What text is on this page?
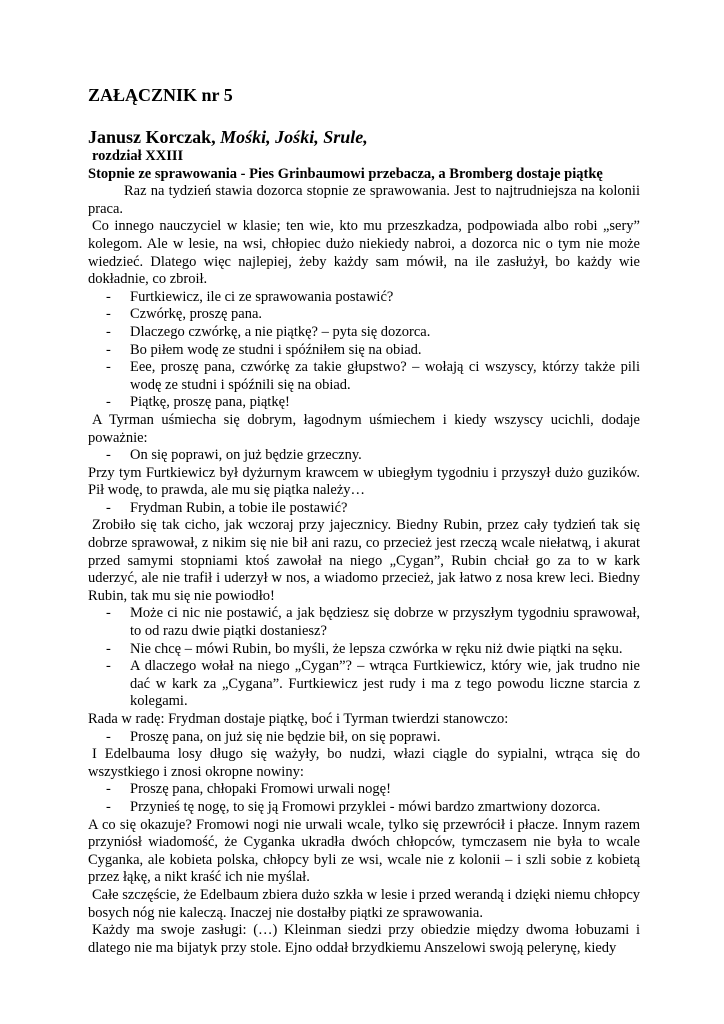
ZAŁĄCZNIK nr 5
Janusz Korczak, Mośki, Jośki, Srule,
rozdział XXIII
Stopnie ze sprawowania - Pies Grinbaumowi przebacza, a Bromberg dostaje piątkę

Raz na tydzień stawia dozorca stopnie ze sprawowania. Jest to najtrudniejsza na kolonii praca.

Co innego nauczyciel w klasie; ten wie, kto mu przeszkadza, podpowiada albo robi „sery” kolegom. Ale w lesie, na wsi, chłopiec dużo niekiedy nabroi, a dozorca nic o tym nie może wiedzieć. Dlatego więc najlepiej, żeby każdy sam mówił, na ile zasłużył, bo każdy wie dokładnie, co zbroił.

- Furtkiewicz, ile ci ze sprawowania postawić?
- Czwórkę, proszę pana.
- Dlaczego czwórkę, a nie piątkę? – pyta się dozorca.
- Bo piłem wodę ze studni i spóźniłem się na obiad.
- Eee, proszę pana, czwórkę za takie głupstwo? – wołają ci wszyscy, którzy także pili wodę ze studni i spóźnili się na obiad.
- Piątkę, proszę pana, piątkę!

A Tyrman uśmiecha się dobrym, łagodnym uśmiechem i kiedy wszyscy ucichli, dodaje poważnie:

- On się poprawi, on już będzie grzeczny.

Przy tym Furtkiewicz był dyżurnym krawcem w ubiegłym tygodniu i przyszył dużo guzików. Pił wodę, to prawda, ale mu się piątka należy…

- Frydman Rubin, a tobie ile postawić?

Zrobiło się tak cicho, jak wczoraj przy jajecznicy. Biedny Rubin, przez cały tydzień tak się dobrze sprawował, z nikim się nie bił ani razu, co przecież jest rzeczą wcale niełatwą, i akurat przed samymi stopniami ktoś zawołał na niego „Cygan”, Rubin chciał go za to w kark uderzyć, ale nie trafił i uderzył w nos, a wiadomo przecież, jak łatwo z nosa krew leci. Biedny Rubin, tak mu się nie powiodło!

- Może ci nic nie postawić, a jak będziesz się dobrze w przyszłym tygodniu sprawował, to od razu dwie piątki dostaniesz?
- Nie chcę – mówi Rubin, bo myśli, że lepsza czwórka w ręku niż dwie piątki na sęku.
- A dlaczego wołał na niego „Cygan”? – wtrąca Furtkiewicz, który wie, jak trudno nie dać w kark za „Cygana”. Furtkiewicz jest rudy i ma z tego powodu liczne starcia z kolegami.

Rada w radę: Frydman dostaje piątkę, boć i Tyrman twierdzi stanowczo:

- Proszę pana, on już się nie będzie bił, on się poprawi.

I Edelbauma losy długo się ważyły, bo nudzi, włazi ciągle do sypialni, wtrąca się do wszystkiego i znosi okropne nowiny:

- Proszę pana, chłopaki Fromowi urwali nogę!
- Przynieś tę nogę, to się ją Fromowi przyklei - mówi bardzo zmartwiony dozorca.

A co się okazuje? Fromowi nogi nie urwali wcale, tylko się przewrócił i płacze. Innym razem przyniósł wiadomość, że Cyganka ukradła dwóch chłopców, tymczasem nie była to wcale Cyganka, ale kobieta polska, chłopcy byli ze wsi, wcale nie z kolonii – i szli sobie z kobietą przez łąkę, a nikt kraść ich nie myślał.

Całe szczęście, że Edelbaum zbiera dużo szkła w lesie i przed werandą i dzięki niemu chłopcy bosych nóg nie kaleczą. Inaczej nie dostałby piątki ze sprawowania.

Każdy ma swoje zasługi: (…) Kleinman siedzi przy obiedzie między dwoma łobuzami i dlatego nie ma bijatyk przy stole. Ejno oddał brzydkiemu Anszelowi swoją pelerynę, kiedy
